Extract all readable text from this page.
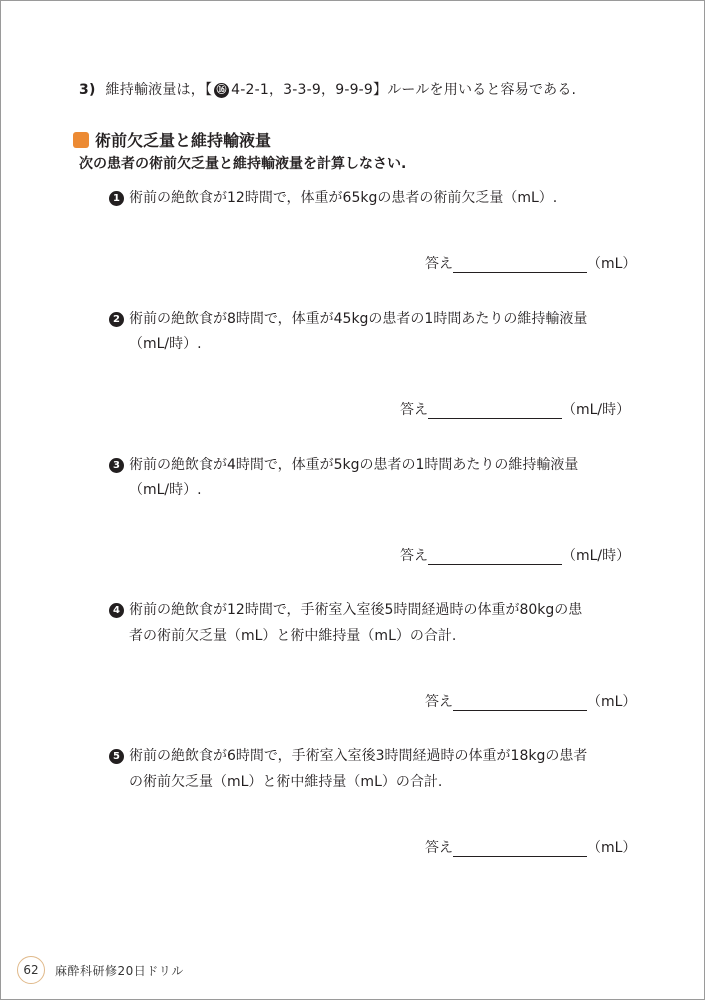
3) 維持輸液量は，【 ⑯ 4-2-1，3-3-9，9-9-9】ルールを用いると容易である.
術前欠乏量と維持輸液量
次の患者の術前欠乏量と維持輸液量を計算しなさい.
1 術前の絶飲食が12時間で，体重が65kgの患者の術前欠乏量（mL）.
答え	（mL）
2 術前の絶飲食が8時間で，体重が45kgの患者の1時間あたりの維持輸液量
（mL/時）.
答え	（mL/時）
3 術前の絶飲食が4時間で，体重が5kgの患者の1時間あたりの維持輸液量
（mL/時）.
答え	（mL/時）
4 術前の絶飲食が12時間で，手術室入室後5時間経過時の体重が80kgの患
者の術前欠乏量（mL）と術中維持量（mL）の合計.
答え	（mL）
5 術前の絶飲食が6時間で，手術室入室後3時間経過時の体重が18kgの患者
の術前欠乏量（mL）と術中維持量（mL）の合計.
答え	（mL）
62	麻酔科研修20日ドリル
